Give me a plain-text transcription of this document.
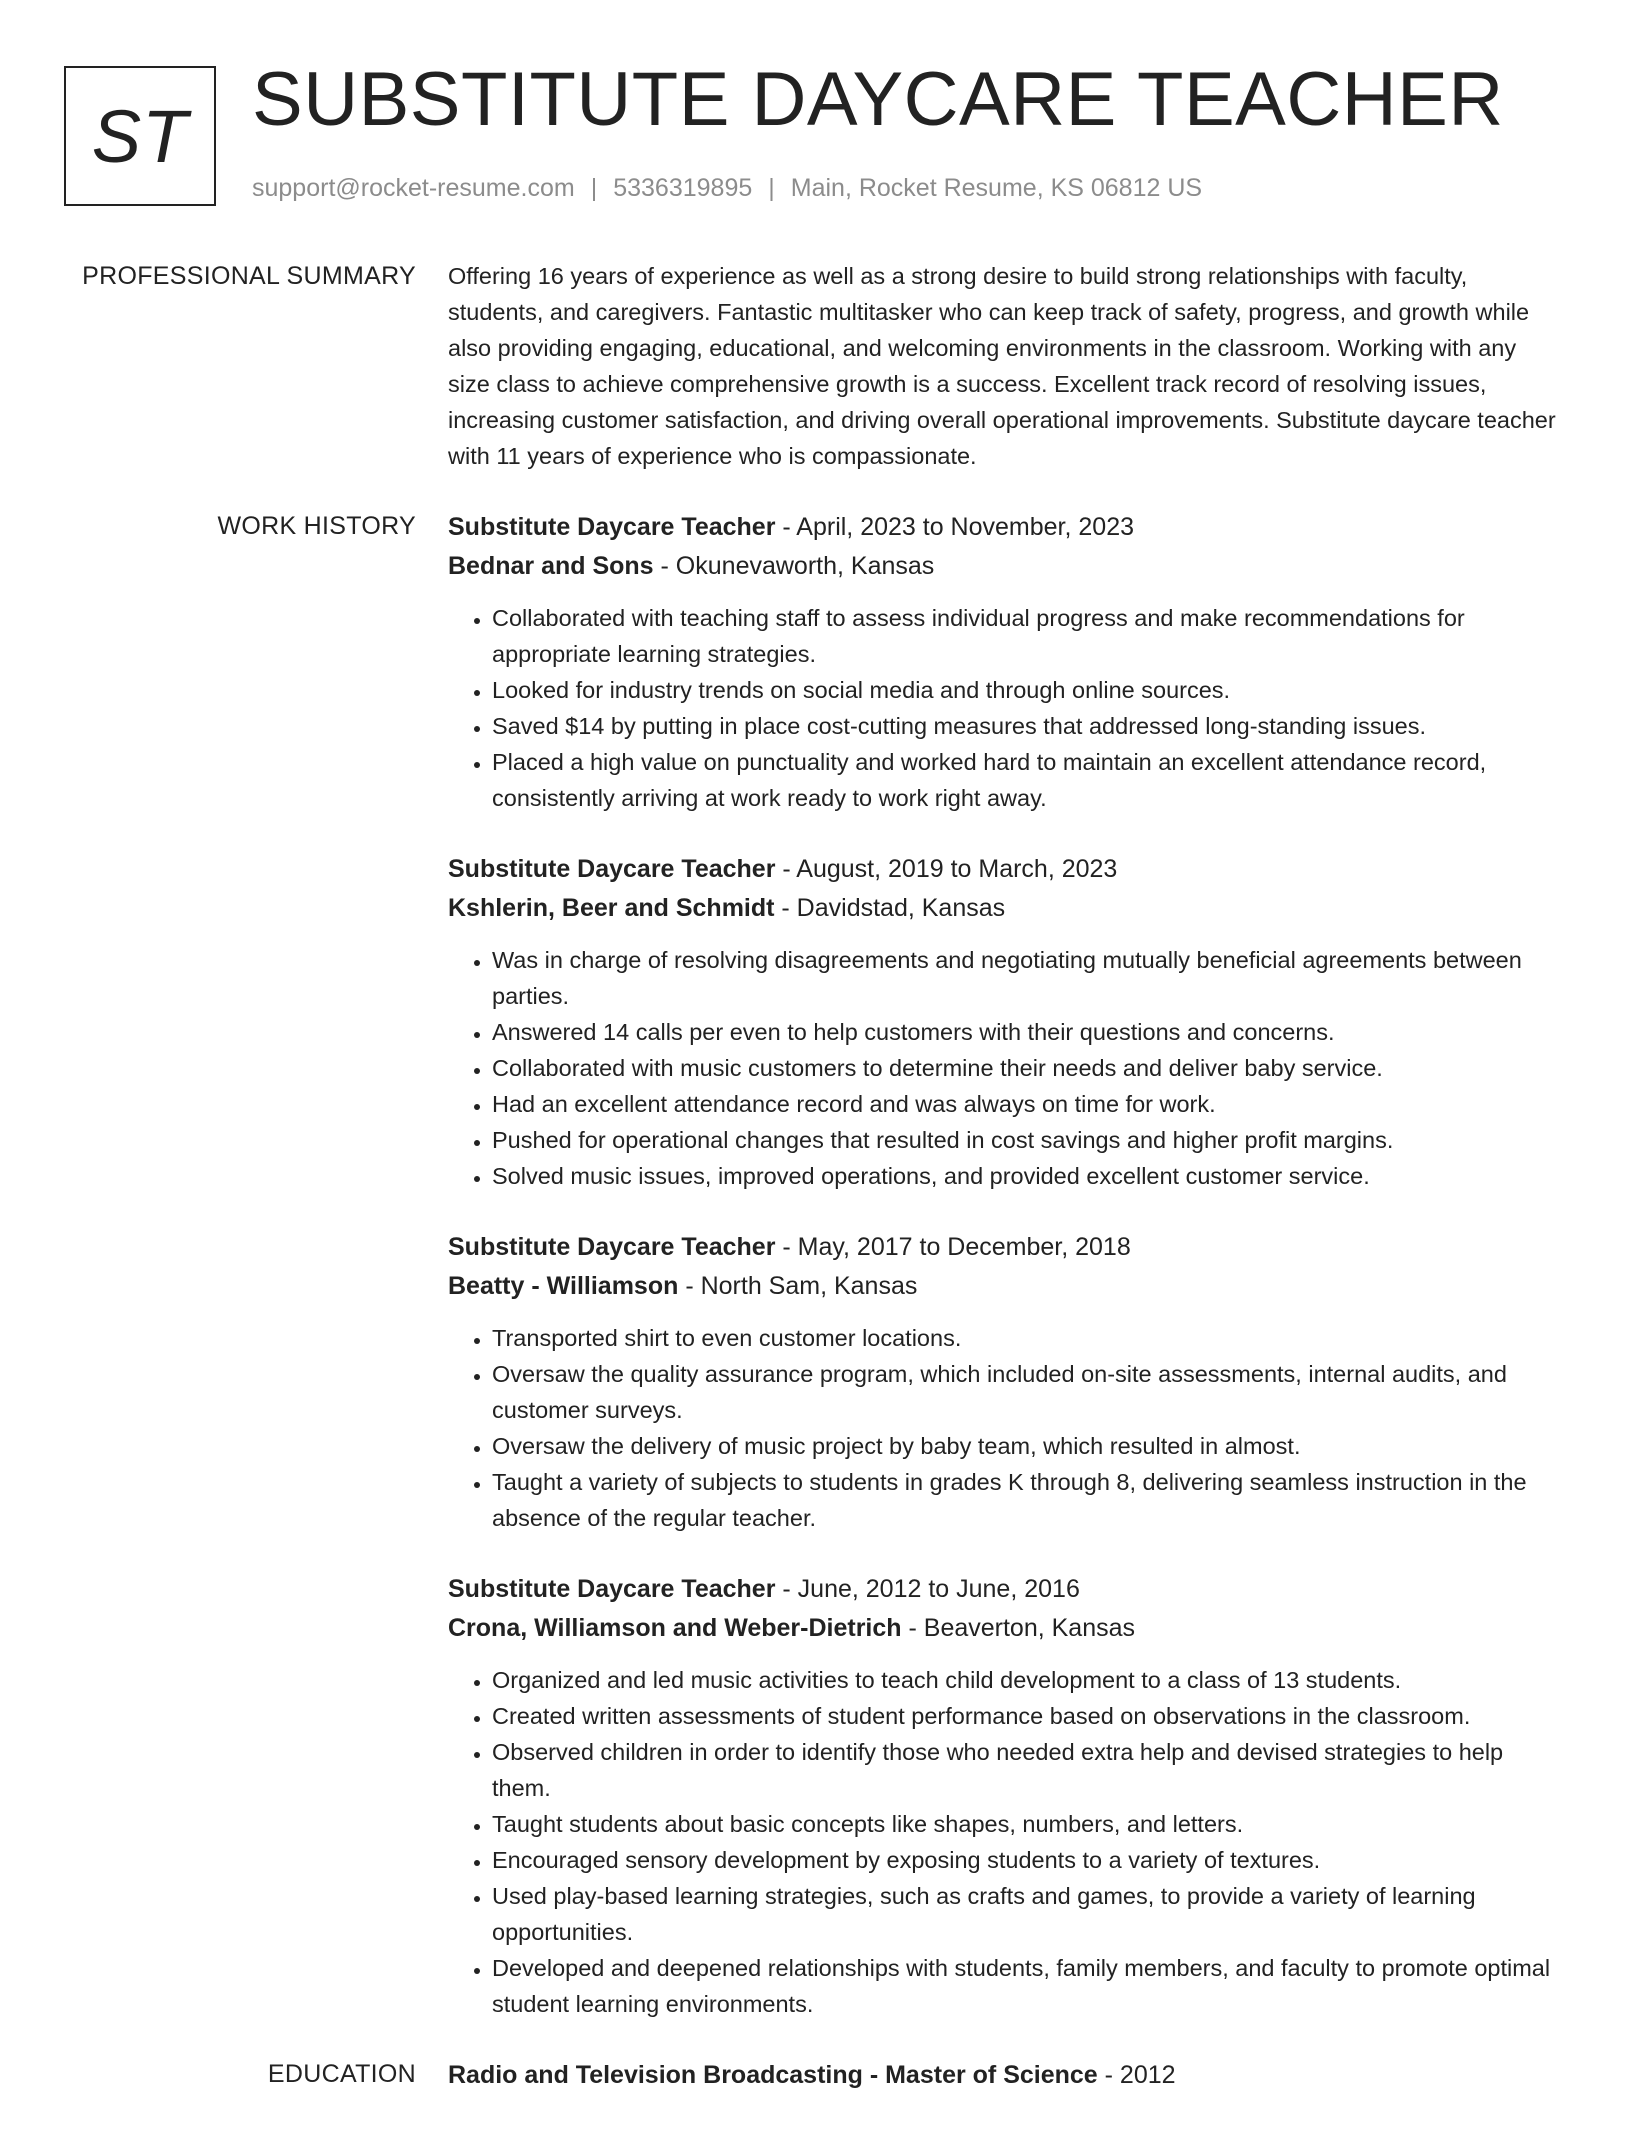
ST SUBSTITUTE DAYCARE TEACHER
support@rocket-resume.com | 5336319895 | Main, Rocket Resume, KS 06812 US
PROFESSIONAL SUMMARY Offering 16 years of experience as well as a strong desire to build strong relationships with faculty, students, and caregivers. Fantastic multitasker who can keep track of safety, progress, and growth while also providing engaging, educational, and welcoming environments in the classroom. Working with any size class to achieve comprehensive growth is a success. Excellent track record of resolving issues, increasing customer satisfaction, and driving overall operational improvements. Substitute daycare teacher with 11 years of experience who is compassionate.

WORK HISTORY Substitute Daycare Teacher - April, 2023 to November, 2023
Bednar and Sons - Okunevaworth, Kansas
• Collaborated with teaching staff to assess individual progress and make recommendations for appropriate learning strategies.
• Looked for industry trends on social media and through online sources.
• Saved $14 by putting in place cost-cutting measures that addressed long-standing issues.
• Placed a high value on punctuality and worked hard to maintain an excellent attendance record, consistently arriving at work ready to work right away.
Substitute Daycare Teacher - August, 2019 to March, 2023
Kshlerin, Beer and Schmidt - Davidstad, Kansas
• Was in charge of resolving disagreements and negotiating mutually beneficial agreements between parties.
• Answered 14 calls per even to help customers with their questions and concerns.
• Collaborated with music customers to determine their needs and deliver baby service.
• Had an excellent attendance record and was always on time for work.
• Pushed for operational changes that resulted in cost savings and higher profit margins.
• Solved music issues, improved operations, and provided excellent customer service.
Substitute Daycare Teacher - May, 2017 to December, 2018
Beatty - Williamson - North Sam, Kansas
• Transported shirt to even customer locations.
• Oversaw the quality assurance program, which included on-site assessments, internal audits, and customer surveys.
• Oversaw the delivery of music project by baby team, which resulted in almost.
• Taught a variety of subjects to students in grades K through 8, delivering seamless instruction in the absence of the regular teacher.
Substitute Daycare Teacher - June, 2012 to June, 2016
Crona, Williamson and Weber-Dietrich - Beaverton, Kansas
• Organized and led music activities to teach child development to a class of 13 students.
• Created written assessments of student performance based on observations in the classroom.
• Observed children in order to identify those who needed extra help and devised strategies to help them.
• Taught students about basic concepts like shapes, numbers, and letters.
• Encouraged sensory development by exposing students to a variety of textures.
• Used play-based learning strategies, such as crafts and games, to provide a variety of learning opportunities.
• Developed and deepened relationships with students, family members, and faculty to promote optimal student learning environments.
EDUCATION Radio and Television Broadcasting - Master of Science - 2012
